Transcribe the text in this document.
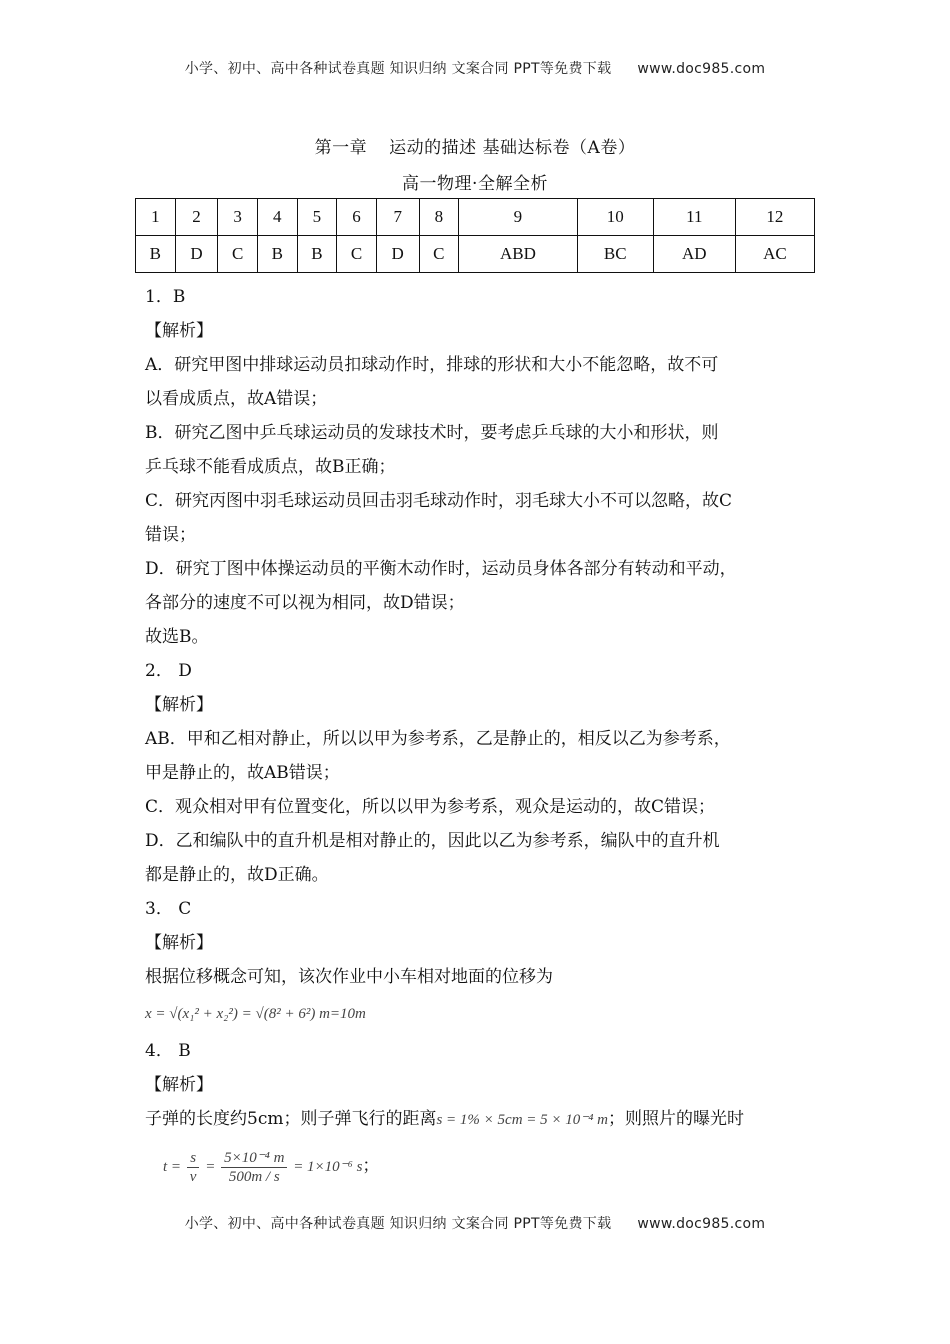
小学、初中、高中各种试卷真题 知识归纳 文案合同 PPT等免费下载 www.doc985.com
第一章 运动的描述 基础达标卷（A卷）
高一物理·全解全析
1	2	3	4	5	6	7	8	9	10	11	12
B	D	C	B	B	C	D	C	ABD	BC	AD	AC
1．B
【解析】
A．研究甲图中排球运动员扣球动作时，排球的形状和大小不能忽略，故不可
以看成质点，故A错误；
B．研究乙图中乒乓球运动员的发球技术时，要考虑乒乓球的大小和形状，则
乒乓球不能看成质点，故B正确；
C．研究丙图中羽毛球运动员回击羽毛球动作时，羽毛球大小不可以忽略，故C
错误；
D．研究丁图中体操运动员的平衡木动作时，运动员身体各部分有转动和平动，
各部分的速度不可以视为相同，故D错误；
故选B。
2． D
【解析】
AB．甲和乙相对静止，所以以甲为参考系，乙是静止的，相反以乙为参考系，
甲是静止的，故AB错误；
C．观众相对甲有位置变化，所以以甲为参考系，观众是运动的，故C错误；
D．乙和编队中的直升机是相对静止的，因此以乙为参考系，编队中的直升机
都是静止的，故D正确。
3． C
【解析】
根据位移概念可知，该次作业中小车相对地面的位移为
x = √(x₁² + x₂²) = √(8² + 6²) m=10m
4． B
【解析】
子弹的长度约5cm；则子弹飞行的距离s = 1% × 5cm = 5 × 10⁻⁴ m；则照片的曝光时
$t = \frac{s}{v} = \frac{\text{5×10⁻⁴ m}}{500m / s} = 1\times 10^{-6}$ s；
小学、初中、高中各种试卷真题 知识归纳 文案合同 PPT等免费下载 www.doc985.com
